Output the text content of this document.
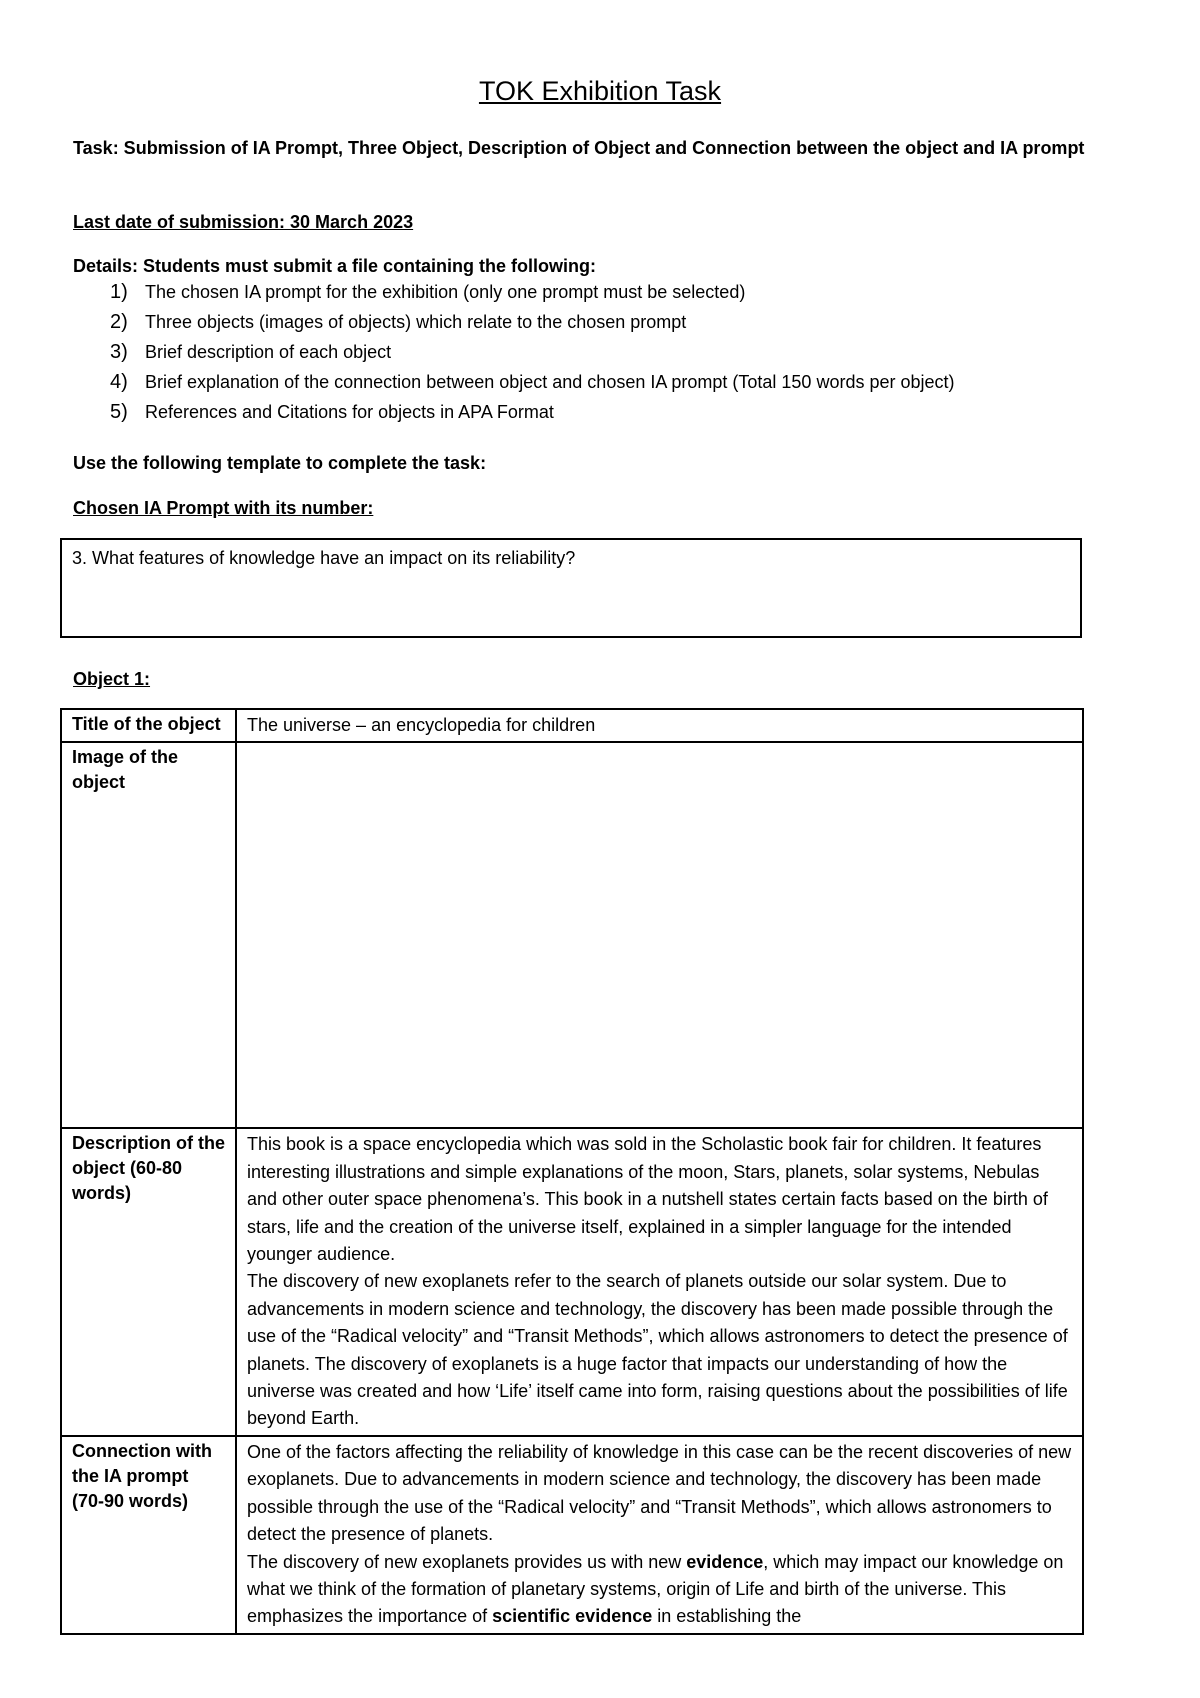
TOK Exhibition Task

Task: Submission of IA Prompt, Three Object, Description of Object and Connection between the object and IA prompt

Last date of submission: 30 March 2023

Details: Students must submit a file containing the following:

1) The chosen IA prompt for the exhibition (only one prompt must be selected)
2) Three objects (images of objects) which relate to the chosen prompt
3) Brief description of each object
4) Brief explanation of the connection between object and chosen IA prompt (Total 150 words per object)
5) References and Citations for objects in APA Format

Use the following template to complete the task:

Chosen IA Prompt with its number:

3. What features of knowledge have an impact on its reliability?

Object 1:

Title of the object	The universe – an encyclopedia for children
Image of the object	
Description of the object (60-80 words)	This book is a space encyclopedia which was sold in the Scholastic book fair for children. It features interesting illustrations and simple explanations of the moon, Stars, planets, solar systems, Nebulas and other outer space phenomena’s. This book in a nutshell states certain facts based on the birth of stars, life and the creation of the universe itself, explained in a simpler language for the intended younger audience.
The discovery of new exoplanets refer to the search of planets outside our solar system. Due to advancements in modern science and technology, the discovery has been made possible through the use of the “Radical velocity” and “Transit Methods”, which allows astronomers to detect the presence of planets. The discovery of exoplanets is a huge factor that impacts our understanding of how the universe was created and how ‘Life’ itself came into form, raising questions about the possibilities of life beyond Earth.

Connection with the IA prompt (70-90 words)	One of the factors affecting the reliability of knowledge in this case can be the recent discoveries of new exoplanets. Due to advancements in modern science and technology, the discovery has been made possible through the use of the “Radical velocity” and “Transit Methods”, which allows astronomers to detect the presence of planets.
The discovery of new exoplanets provides us with new evidence, which may impact our knowledge on what we think of the formation of planetary systems, origin of Life and birth of the universe. This emphasizes the importance of scientific evidence in establishing the
